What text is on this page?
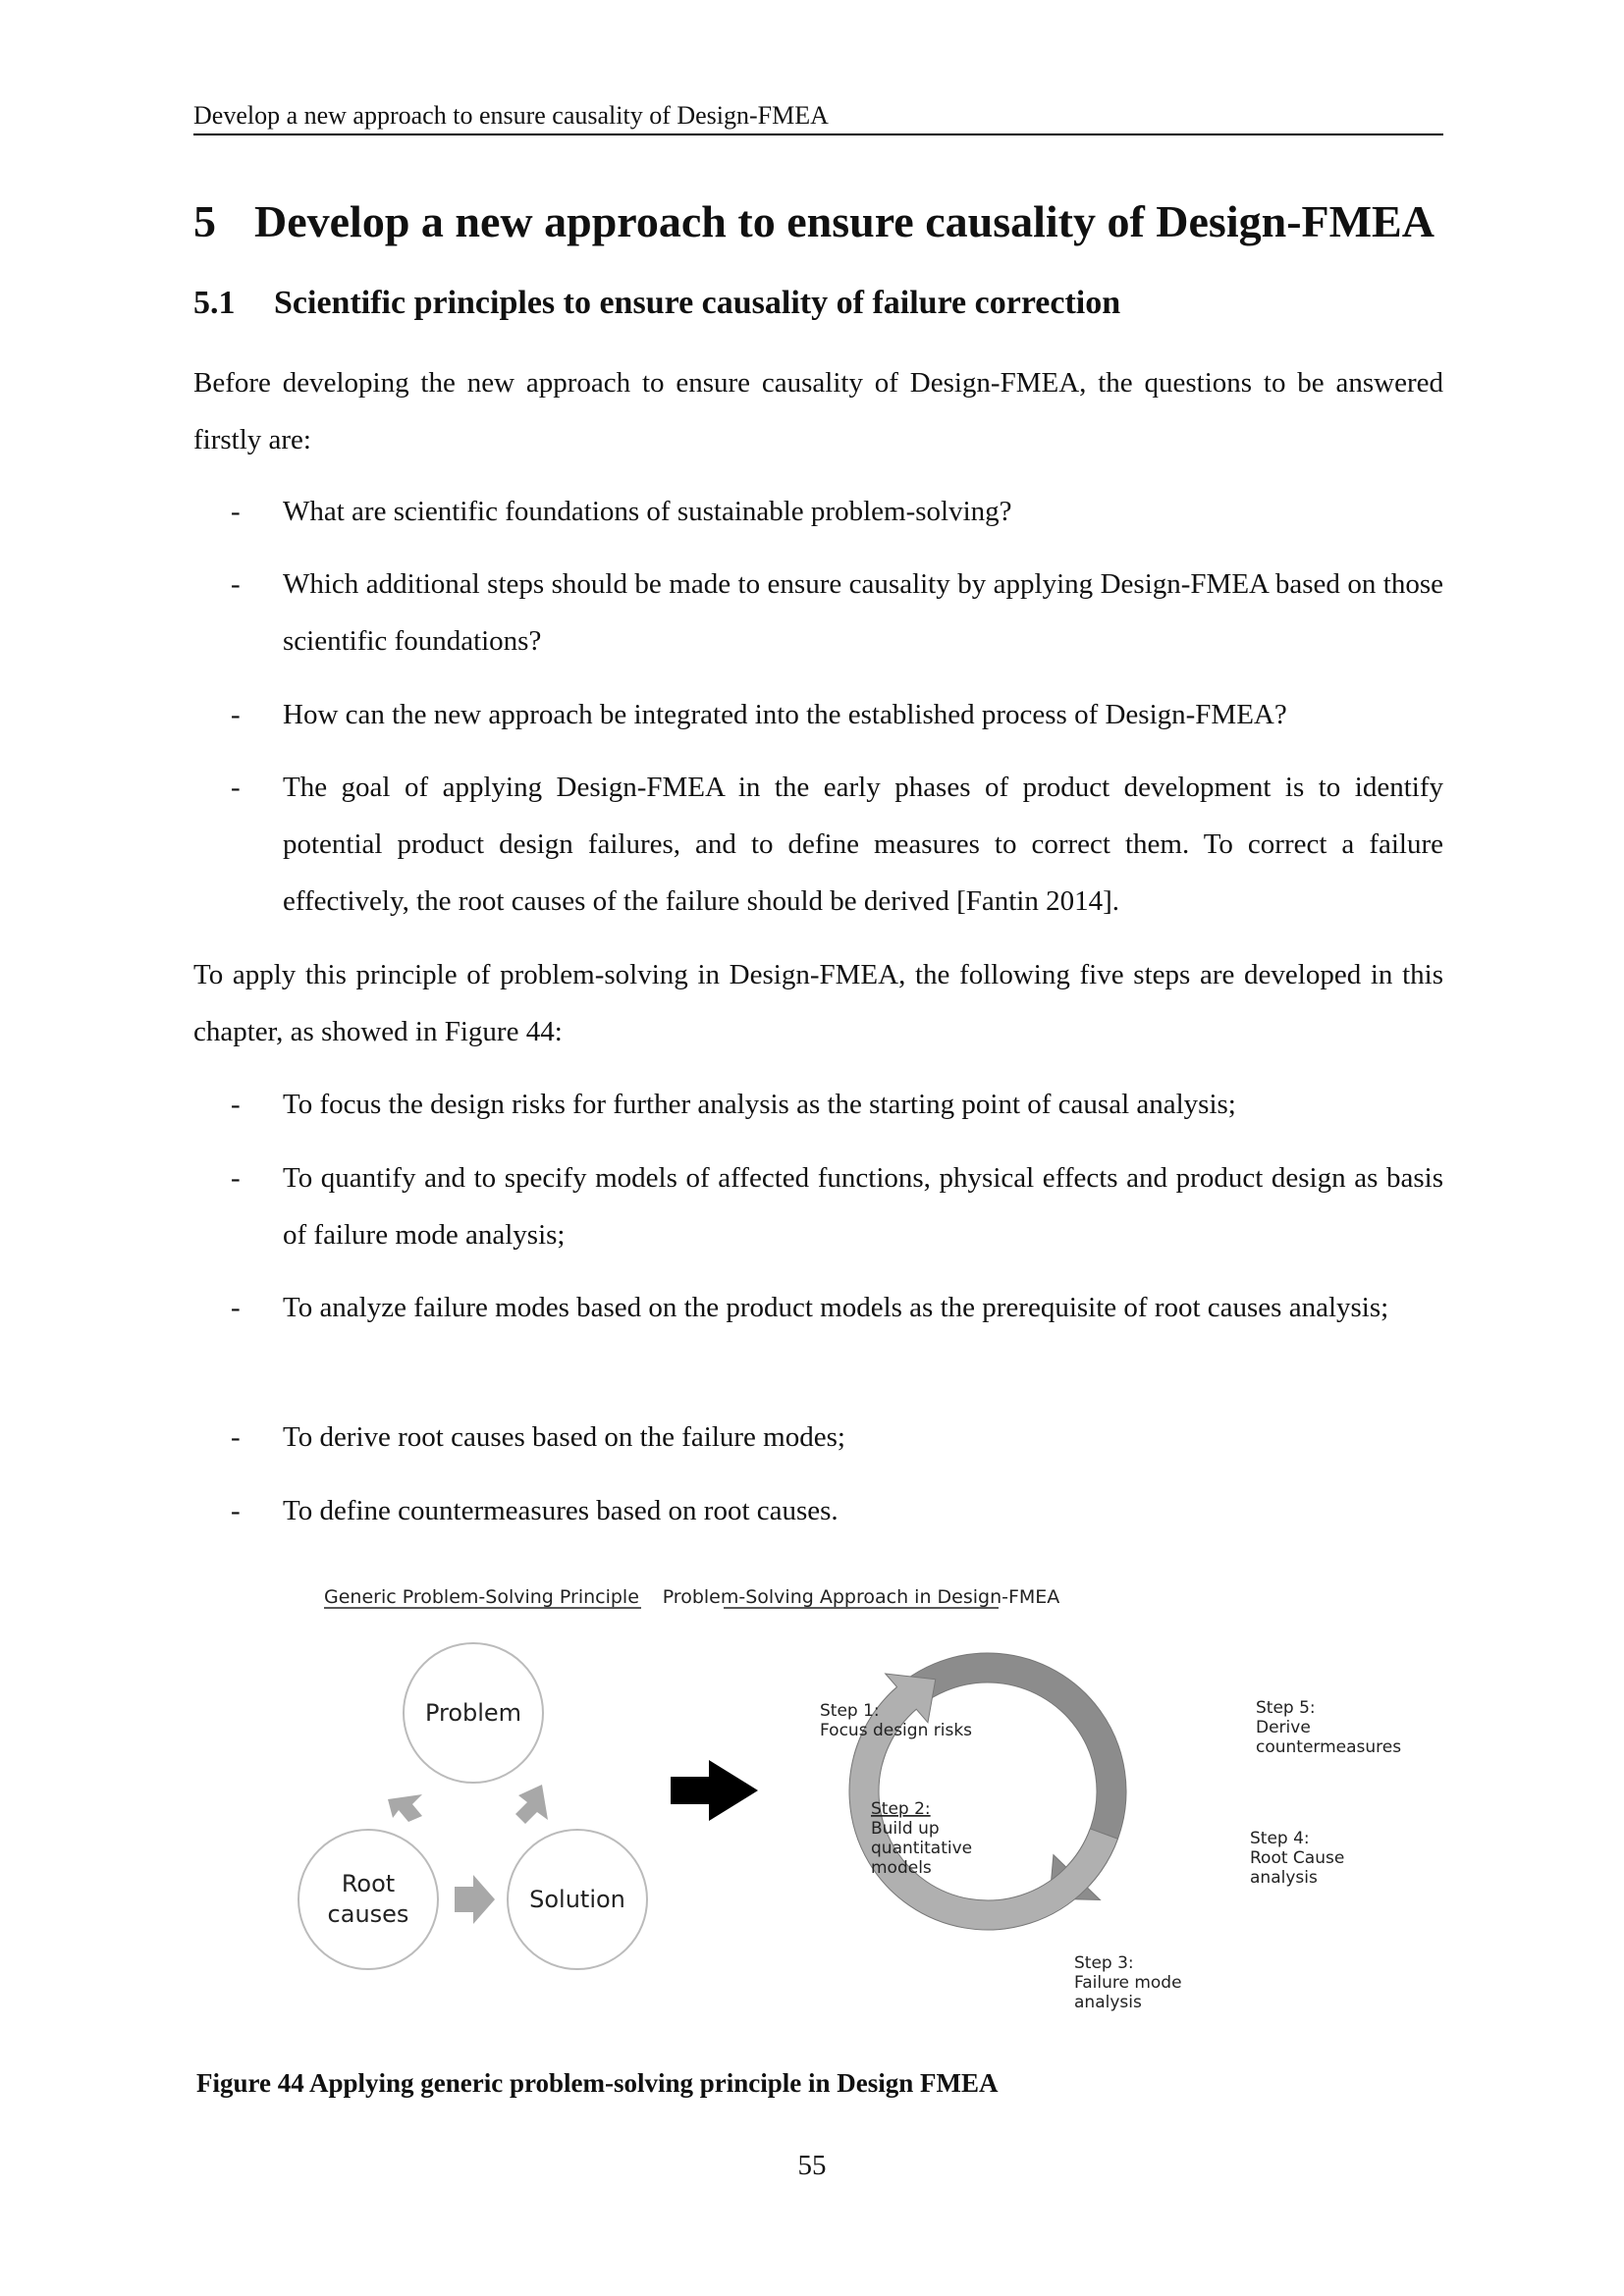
Develop a new approach to ensure causality of Design-FMEA
5 Develop a new approach to ensure causality of Design-FMEA
5.1 Scientific principles to ensure causality of failure correction

Before developing the new approach to ensure causality of Design-FMEA, the questions to be answered firstly are:

- What are scientific foundations of sustainable problem-solving?
- Which additional steps should be made to ensure causality by applying Design-FMEA based on those scientific foundations?
- How can the new approach be integrated into the established process of Design-FMEA?
- The goal of applying Design-FMEA in the early phases of product development is to identify potential product design failures, and to define measures to correct them. To correct a failure effectively, the root causes of the failure should be derived [Fantin 2014].

To apply this principle of problem-solving in Design-FMEA, the following five steps are developed in this chapter, as showed in Figure 44:

- To focus the design risks for further analysis as the starting point of causal analysis;
- To quantify and to specify models of affected functions, physical effects and product design as basis of failure mode analysis;
- To analyze failure modes based on the product models as the prerequisite of root causes analysis;
- To derive root causes based on the failure modes;
- To define countermeasures based on root causes.
Generic Problem-Solving Principle
Problem
Root
causes
Solution
Problem-Solving Approach in Design-FMEA
Step 1:
Focus design risks
Step 2:
Build up
quantitative
models
Step 3:
Failure mode
analysis
Step 4:
Root Cause
analysis
Step 5:
Derive
countermeasures
Figure 44 Applying generic problem-solving principle in Design FMEA
55
